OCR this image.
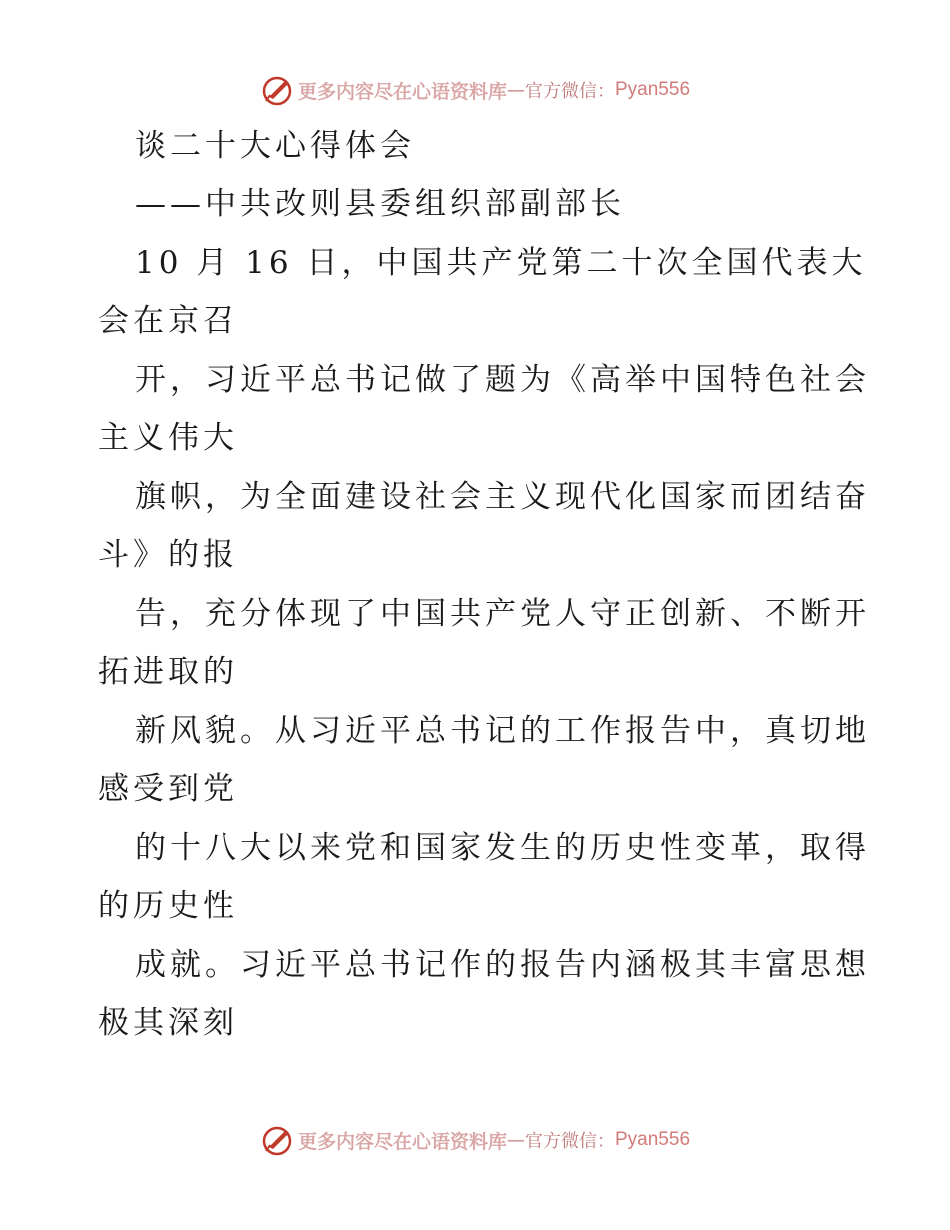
更多内容尽在心语资料库 — 官方微信： Pyan556
谈二十大心得体会
——中共改则县委组织部副部长
10 月 16 日，中国共产党第二十次全国代表大
会在京召
开，习近平总书记做了题为《高举中国特色社会
主义伟大
旗帜，为全面建设社会主义现代化国家而团结奋
斗》的报
告，充分体现了中国共产党人守正创新、不断开
拓进取的
新风貌。从习近平总书记的工作报告中，真切地
感受到党
的十八大以来党和国家发生的历史性变革，取得
的历史性
成就。习近平总书记作的报告内涵极其丰富思想
极其深刻
更多内容尽在心语资料库 — 官方微信： Pyan556
